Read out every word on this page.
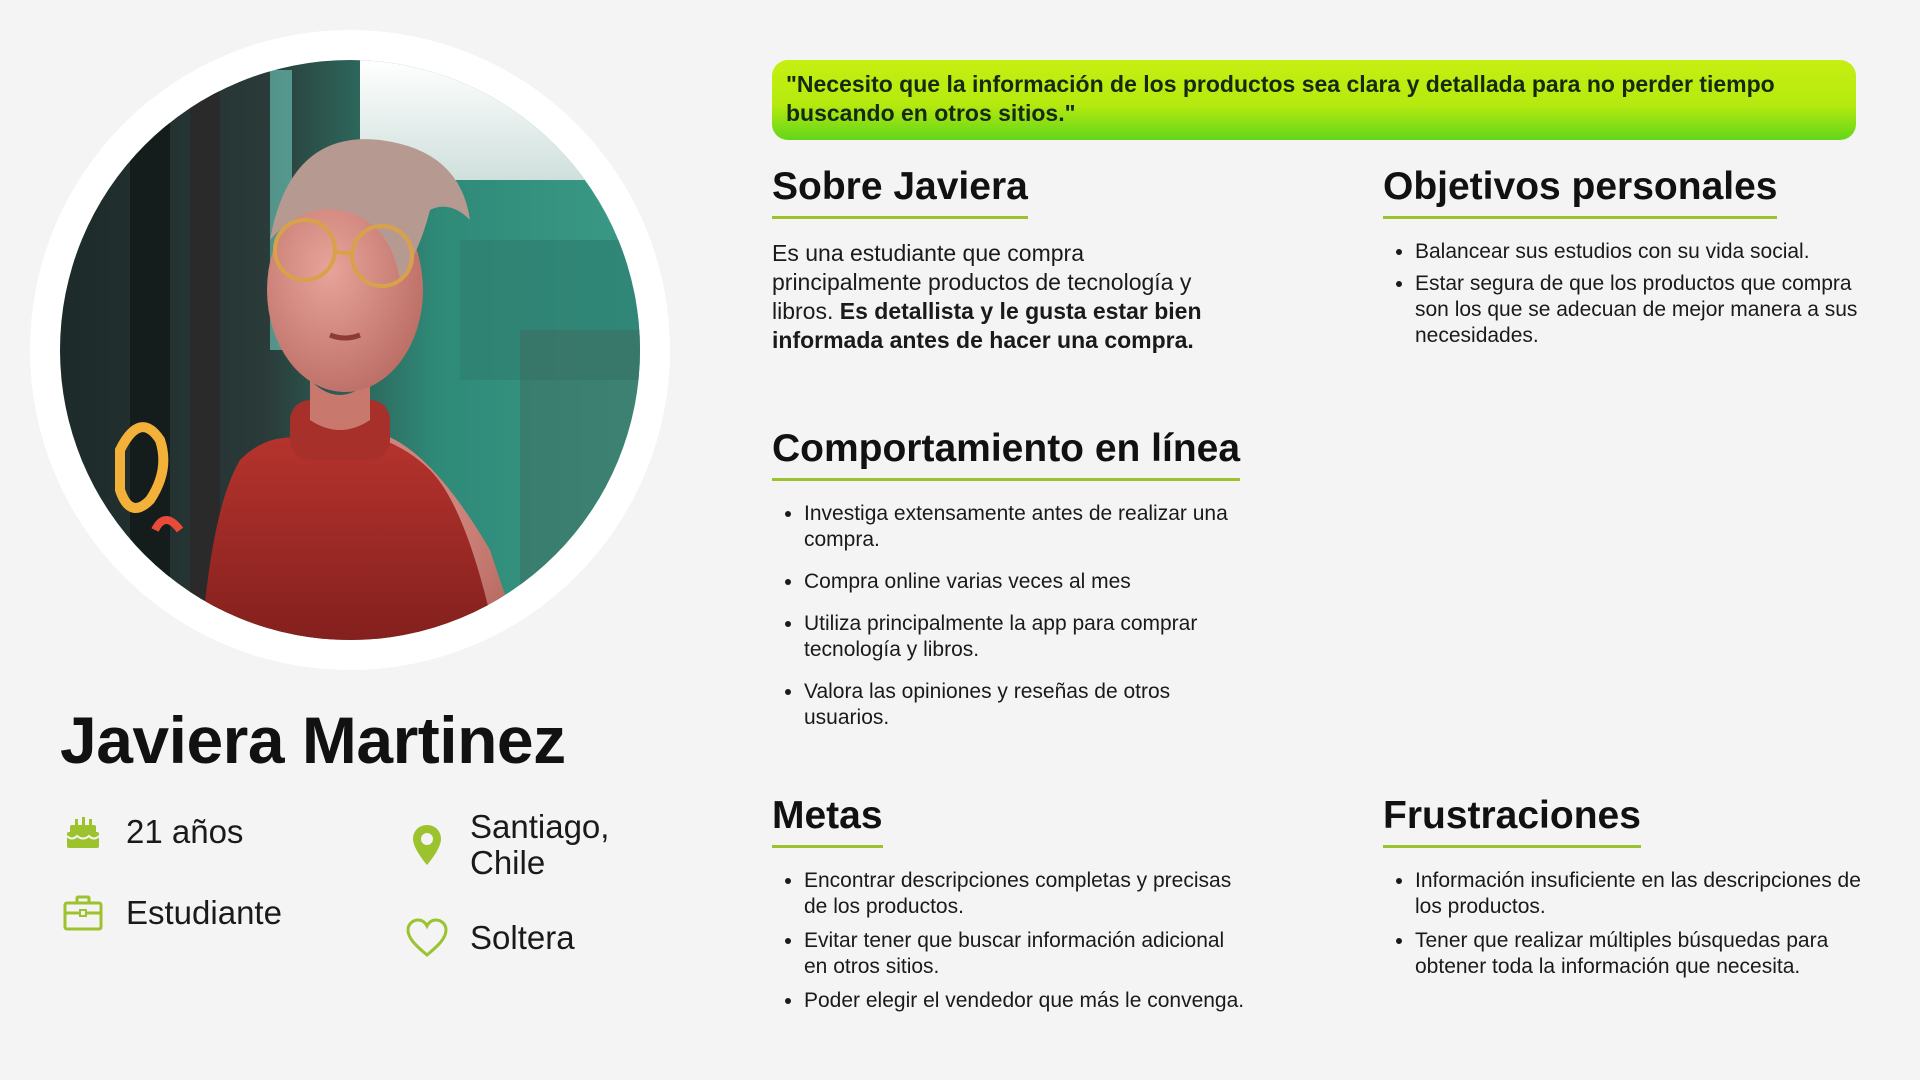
Javiera Martinez
21 años
Estudiante
Santiago, Chile
Soltera
"Necesito que la información de los productos sea clara y detallada para no perder tiempo buscando en otros sitios."
Sobre Javiera

Es una estudiante que compra principalmente productos de tecnología y libros. Es detallista y le gusta estar bien informada antes de hacer una compra.

Objetivos personales
• Balancear sus estudios con su vida social.
• Estar segura de que los productos que compra son los que se adecuan de mejor manera a sus necesidades.
Comportamiento en línea
• Investiga extensamente antes de realizar una compra.
• Compra online varias veces al mes
• Utiliza principalmente la app para comprar tecnología y libros.
• Valora las opiniones y reseñas de otros usuarios.
Metas
• Encontrar descripciones completas y precisas de los productos.
• Evitar tener que buscar información adicional en otros sitios.
• Poder elegir el vendedor que más le convenga.
Frustraciones
• Información insuficiente en las descripciones de los productos.
• Tener que realizar múltiples búsquedas para obtener toda la información que necesita.
